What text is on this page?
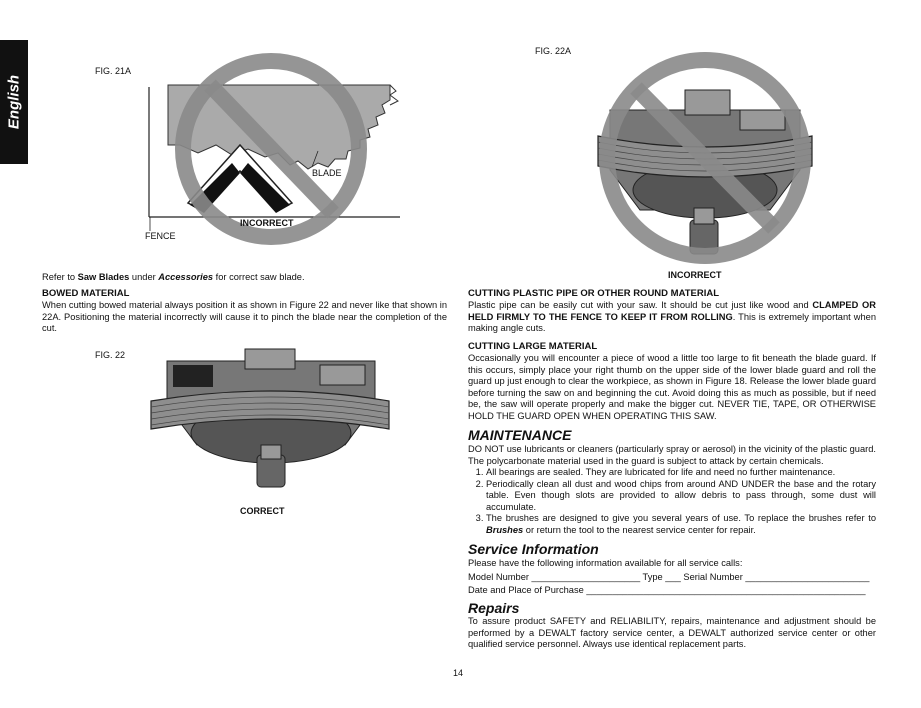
English
FIG. 21A
BLADE
FENCE
INCORRECT
Refer to Saw Blades under Accessories for correct saw blade.
BOWED MATERIAL
When cutting bowed material always position it as shown in Figure 22 and never like that shown in 22A. Positioning the material incorrectly will cause it to pinch the blade near the completion of the cut.
FIG. 22
CORRECT
FIG. 22A
INCORRECT
CUTTING PLASTIC PIPE OR OTHER ROUND MATERIAL
Plastic pipe can be easily cut with your saw. It should be cut just like wood and CLAMPED OR HELD FIRMLY TO THE FENCE TO KEEP IT FROM ROLLING. This is extremely important when making angle cuts.
CUTTING LARGE MATERIAL
Occasionally you will encounter a piece of wood a little too large to fit beneath the blade guard. If this occurs, simply place your right thumb on the upper side of the lower blade guard and roll the guard up just enough to clear the workpiece, as shown in Figure 18. Release the lower blade guard before turning the saw on and beginning the cut. Avoid doing this as much as possible, but if need be, the saw will operate properly and make the bigger cut. NEVER TIE, TAPE, OR OTHERWISE HOLD THE GUARD OPEN WHEN OPERATING THIS SAW.
MAINTENANCE
DO NOT use lubricants or cleaners (particularly spray or aerosol) in the vicinity of the plastic guard. The polycarbonate material used in the guard is subject to attack by certain chemicals.
1. All bearings are sealed. They are lubricated for life and need no further maintenance.
2. Periodically clean all dust and wood chips from around AND UNDER the base and the rotary table. Even though slots are provided to allow debris to pass through, some dust will accumulate.
3. The brushes are designed to give you several years of use. To replace the brushes refer to Brushes or return the tool to the nearest service center for repair.
Service Information
Please have the following information available for all service calls:
Model Number _____________________ Type ___ Serial Number ________________________
Date and Place of Purchase ______________________________________________________
Repairs
To assure product SAFETY and RELIABILITY, repairs, maintenance and adjustment should be performed by a DEWALT factory service center, a DEWALT authorized service center or other qualified service personnel. Always use identical replacement parts.
14
